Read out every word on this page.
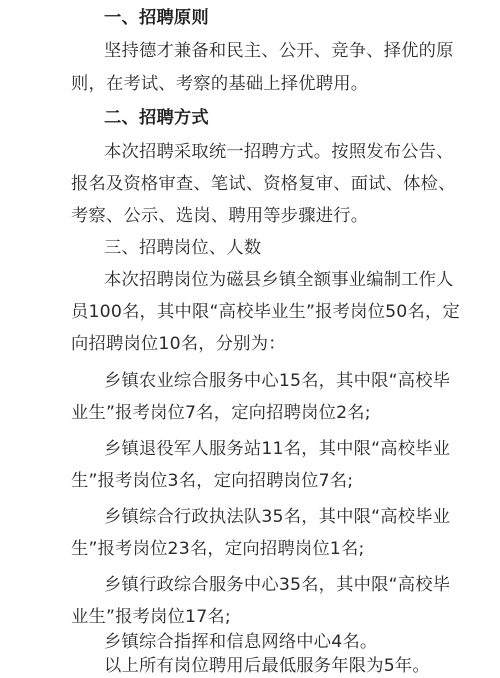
一、招聘原则
坚持德才兼备和民主、公开、竞争、择优的原
则，在考试、考察的基础上择优聘用。
二、招聘方式
本次招聘采取统一招聘方式。按照发布公告、
报名及资格审查、笔试、资格复审、面试、体检、
考察、公示、选岗、聘用等步骤进行。
三、招聘岗位、人数
本次招聘岗位为磁县乡镇全额事业编制工作人
员100名，其中限“高校毕业生”报考岗位50名，定
向招聘岗位10名，分别为：
乡镇农业综合服务中心15名，其中限“高校毕
业生”报考岗位7名，定向招聘岗位2名;
乡镇退役军人服务站11名，其中限“高校毕业
生”报考岗位3名，定向招聘岗位7名;
乡镇综合行政执法队35名，其中限“高校毕业
生”报考岗位23名，定向招聘岗位1名;
乡镇行政综合服务中心35名，其中限“高校毕
业生”报考岗位17名;
乡镇综合指挥和信息网络中心4名。
以上所有岗位聘用后最低服务年限为5年。
